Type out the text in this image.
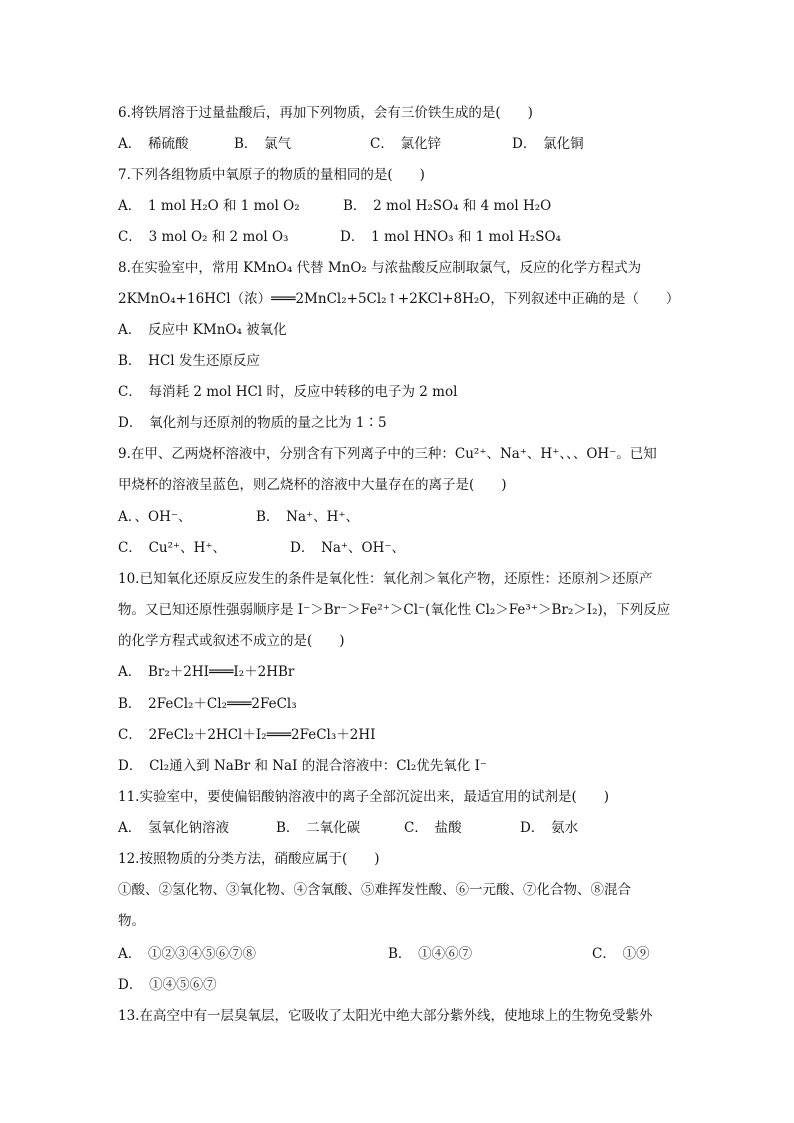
6.将铁屑溶于过量盐酸后，再加下列物质，会有三价铁生成的是(　　)
A．　稀硫酸	B．　氯气	C．　氯化锌	D．　氯化铜
7.下列各组物质中氧原子的物质的量相同的是(　　)
A．　1 mol H₂O 和 1 mol O₂	B．　2 mol H₂SO₄ 和 4 mol H₂O
C．　3 mol O₂ 和 2 mol O₃	D．　1 mol HNO₃ 和 1 mol H₂SO₄
8.在实验室中，常用 KMnO₄ 代替 MnO₂ 与浓盐酸反应制取氯气，反应的化学方程式为
2KMnO₄+16HCl（浓）═══2MnCl₂+5Cl₂↑+2KCl+8H₂O，下列叙述中正确的是（　　）
A．　反应中 KMnO₄ 被氧化
B．　HCl 发生还原反应
C．　每消耗 2 mol HCl 时，反应中转移的电子为 2 mol
D．　氧化剂与还原剂的物质的量之比为 1∶5
9.在甲、乙两烧杯溶液中，分别含有下列离子中的三种：Cu²⁺、Na⁺、H⁺、、、OH⁻。已知
甲烧杯的溶液呈蓝色，则乙烧杯的溶液中大量存在的离子是(　　)
A．、OH⁻、	B．　Na⁺、H⁺、
C．　Cu²⁺、H⁺、	D．　Na⁺、OH⁻、
10.已知氧化还原反应发生的条件是氧化性：氧化剂＞氧化产物，还原性：还原剂＞还原产
物。又已知还原性强弱顺序是 I⁻＞Br⁻＞Fe²⁺＞Cl⁻(氧化性 Cl₂＞Fe³⁺＞Br₂＞I₂)，下列反应
的化学方程式或叙述不成立的是(　　)
A．　Br₂＋2HI═══I₂＋2HBr
B．　2FeCl₂＋Cl₂═══2FeCl₃
C．　2FeCl₂＋2HCl＋I₂═══2FeCl₃＋2HI
D．　Cl₂通入到 NaBr 和 NaI 的混合溶液中：Cl₂优先氧化 I⁻
11.实验室中，要使偏铝酸钠溶液中的离子全部沉淀出来，最适宜用的试剂是(　　)
A．　氢氧化钠溶液	B．　二氧化碳	C．　盐酸	D．　氨水
12.按照物质的分类方法，硝酸应属于(　　)
①酸、②氢化物、③氧化物、④含氧酸、⑤难挥发性酸、⑥一元酸、⑦化合物、⑧混合
物。
A．　①②③④⑤⑥⑦⑧	B．　①④⑥⑦	C．　①⑨
D．　①④⑤⑥⑦
13.在高空中有一层臭氧层，它吸收了太阳光中绝大部分紫外线，使地球上的生物免受紫外
